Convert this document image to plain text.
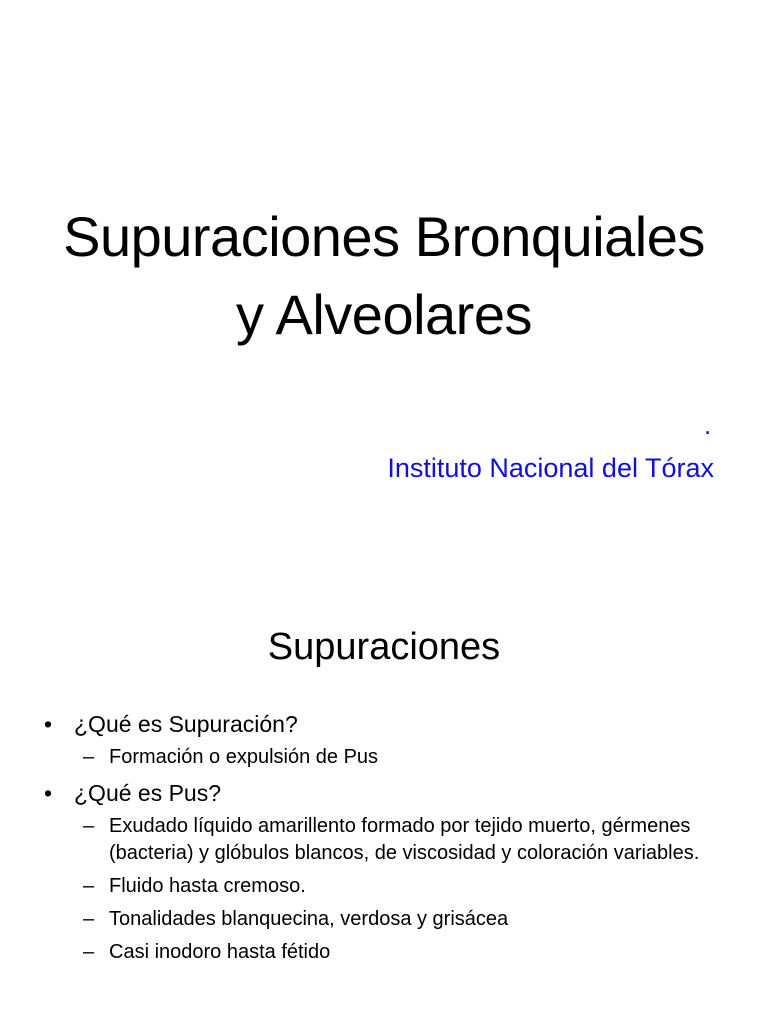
Supuraciones Bronquiales
y Alveolares
.
Instituto Nacional del Tórax
Supuraciones
• ¿Qué es Supuración?
– Formación o expulsión de Pus
• ¿Qué es Pus?
– Exudado líquido amarillento formado por tejido muerto, gérmenes (bacteria) y glóbulos blancos, de viscosidad y coloración variables.
– Fluido hasta cremoso.
– Tonalidades blanquecina, verdosa y grisácea
– Casi inodoro hasta fétido
